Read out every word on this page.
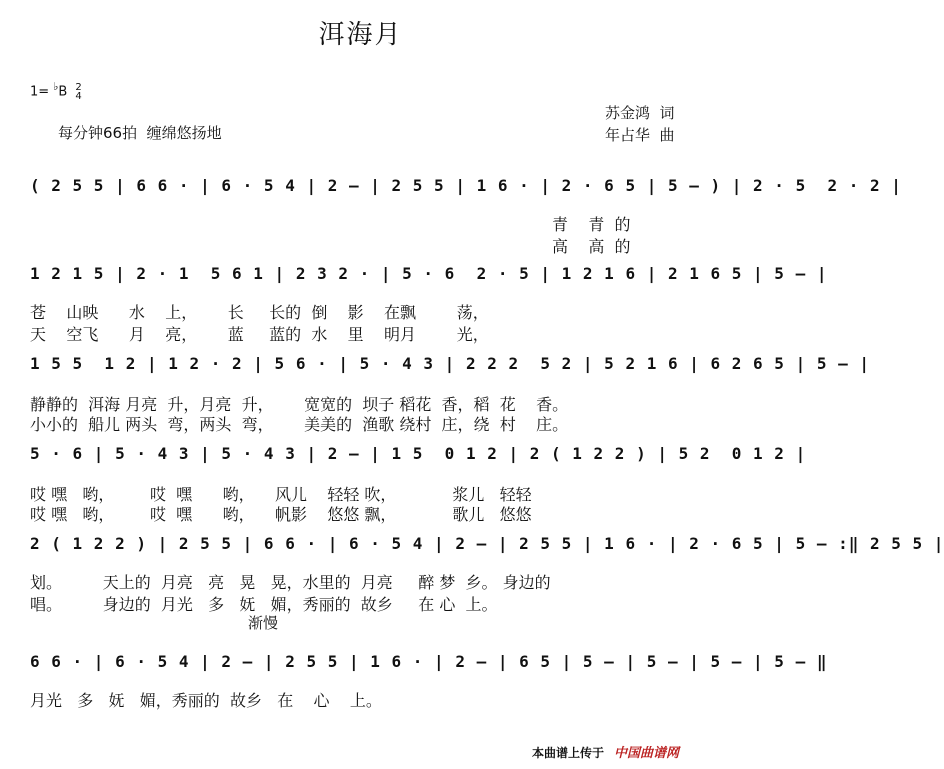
洱海月
1= ♭B 2
4
每分钟66拍  缠绵悠扬地
苏金鸿  词
年占华  曲
( 2 5 5 | 6 6 · | 6 · 5 4 | 2 — | 2 5 5 | 1 6 · | 2 · 6 5 | 5 — ) | 2 · 5  2 · 2 |
青    青  的
高    高  的
1 2 1 5 | 2 · 1  5 6 1 | 2 3 2 · | 5 · 6  2 · 5 | 1 2 1 6 | 2 1 6 5 | 5 — |
苍    山映      水    上，      长     长的  倒    影    在飘        荡，
天    空飞      月    亮，      蓝     蓝的  水    里    明月        光，
1 5 5  1 2 | 1 2 · 2 | 5 6 · | 5 · 4 3 | 2 2 2  5 2 | 5 2 1 6 | 6 2 6 5 | 5 — |
静静的  洱海 月亮  升，月亮  升，      宽宽的  坝子 稻花  香，稻  花    香。
小小的  船儿 两头  弯，两头  弯，      美美的  渔歌 绕村  庄，绕  村    庄。
5 · 6 | 5 · 4 3 | 5 · 4 3 | 2 — | 1 5  0 1 2 | 2 ( 1 2 2 ) | 5 2  0 1 2 |
哎 嘿   哟，       哎  嘿      哟，    风儿    轻轻 吹，           浆儿   轻轻
哎 嘿   哟，       哎  嘿      哟，    帆影    悠悠 飘，           歌儿   悠悠
2 ( 1 2 2 ) | 2 5 5 | 6 6 · | 6 · 5 4 | 2 — | 2 5 5 | 1 6 · | 2 · 6 5 | 5 — :‖ 2 5 5 |
划。        天上的  月亮   亮   晃   晃，水里的  月亮     醉 梦  乡。 身边的
唱。        身边的  月光   多   妩   媚，秀丽的  故乡     在 心  上。
渐慢
6 6 · | 6 · 5 4 | 2 — | 2 5 5 | 1 6 · | 2 — | 6 5 | 5 — | 5 — | 5 — | 5 — ‖
月光   多   妩   媚，秀丽的  故乡   在    心    上。
本曲谱上传于 中国曲谱网
